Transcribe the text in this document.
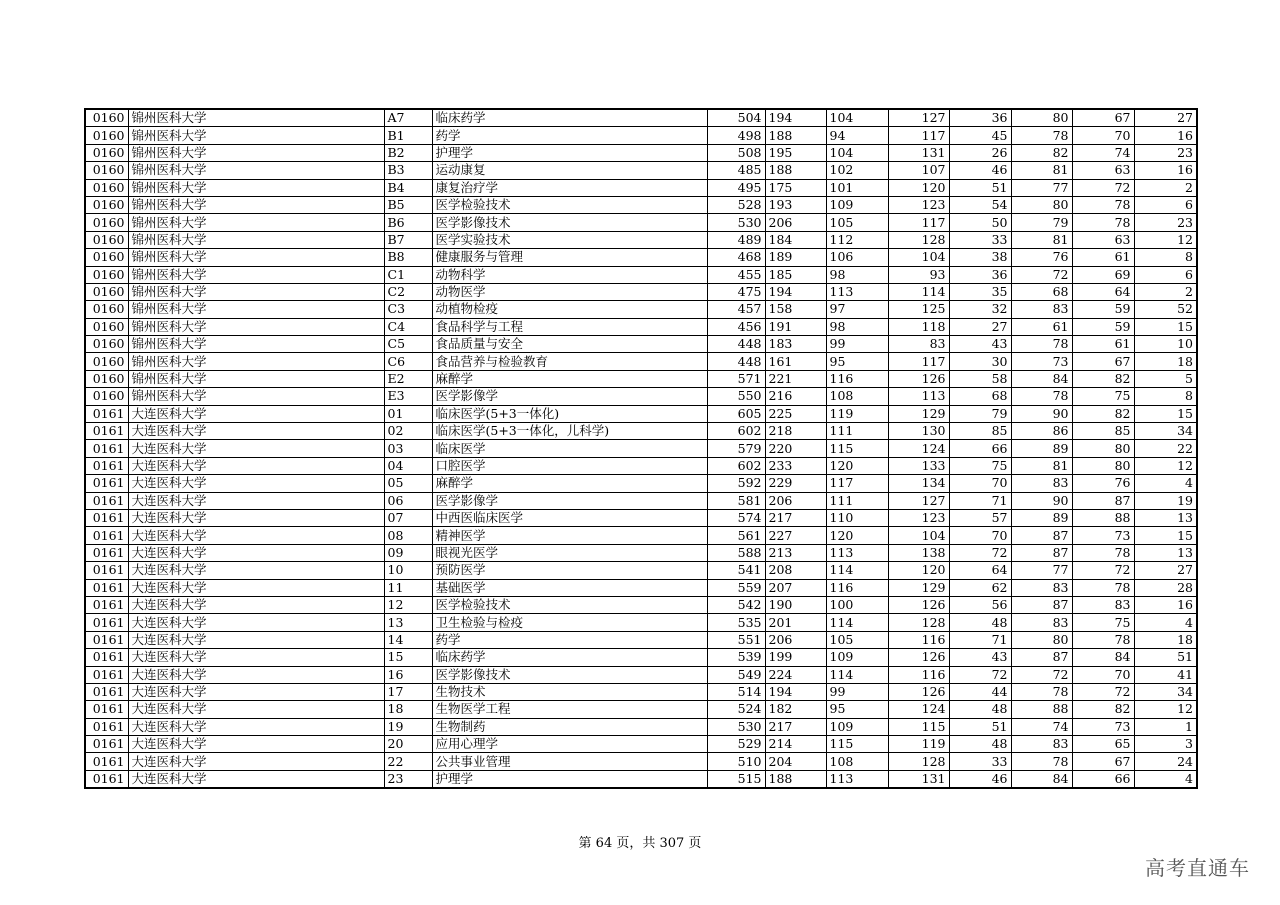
0160	锦州医科大学	A7	临床药学	504	194	104	127	36	80	67	27
0160	锦州医科大学	B1	药学	498	188	94	117	45	78	70	16
0160	锦州医科大学	B2	护理学	508	195	104	131	26	82	74	23
0160	锦州医科大学	B3	运动康复	485	188	102	107	46	81	63	16
0160	锦州医科大学	B4	康复治疗学	495	175	101	120	51	77	72	2
0160	锦州医科大学	B5	医学检验技术	528	193	109	123	54	80	78	6
0160	锦州医科大学	B6	医学影像技术	530	206	105	117	50	79	78	23
0160	锦州医科大学	B7	医学实验技术	489	184	112	128	33	81	63	12
0160	锦州医科大学	B8	健康服务与管理	468	189	106	104	38	76	61	8
0160	锦州医科大学	C1	动物科学	455	185	98	93	36	72	69	6
0160	锦州医科大学	C2	动物医学	475	194	113	114	35	68	64	2
0160	锦州医科大学	C3	动植物检疫	457	158	97	125	32	83	59	52
0160	锦州医科大学	C4	食品科学与工程	456	191	98	118	27	61	59	15
0160	锦州医科大学	C5	食品质量与安全	448	183	99	83	43	78	61	10
0160	锦州医科大学	C6	食品营养与检验教育	448	161	95	117	30	73	67	18
0160	锦州医科大学	E2	麻醉学	571	221	116	126	58	84	82	5
0160	锦州医科大学	E3	医学影像学	550	216	108	113	68	78	75	8
0161	大连医科大学	01	临床医学(5+3一体化)	605	225	119	129	79	90	82	15
0161	大连医科大学	02	临床医学(5+3一体化，儿科学)	602	218	111	130	85	86	85	34
0161	大连医科大学	03	临床医学	579	220	115	124	66	89	80	22
0161	大连医科大学	04	口腔医学	602	233	120	133	75	81	80	12
0161	大连医科大学	05	麻醉学	592	229	117	134	70	83	76	4
0161	大连医科大学	06	医学影像学	581	206	111	127	71	90	87	19
0161	大连医科大学	07	中西医临床医学	574	217	110	123	57	89	88	13
0161	大连医科大学	08	精神医学	561	227	120	104	70	87	73	15
0161	大连医科大学	09	眼视光医学	588	213	113	138	72	87	78	13
0161	大连医科大学	10	预防医学	541	208	114	120	64	77	72	27
0161	大连医科大学	11	基础医学	559	207	116	129	62	83	78	28
0161	大连医科大学	12	医学检验技术	542	190	100	126	56	87	83	16
0161	大连医科大学	13	卫生检验与检疫	535	201	114	128	48	83	75	4
0161	大连医科大学	14	药学	551	206	105	116	71	80	78	18
0161	大连医科大学	15	临床药学	539	199	109	126	43	87	84	51
0161	大连医科大学	16	医学影像技术	549	224	114	116	72	72	70	41
0161	大连医科大学	17	生物技术	514	194	99	126	44	78	72	34
0161	大连医科大学	18	生物医学工程	524	182	95	124	48	88	82	12
0161	大连医科大学	19	生物制药	530	217	109	115	51	74	73	1
0161	大连医科大学	20	应用心理学	529	214	115	119	48	83	65	3
0161	大连医科大学	22	公共事业管理	510	204	108	128	33	78	67	24
0161	大连医科大学	23	护理学	515	188	113	131	46	84	66	4
第 64 页，共 307 页
高考直通车
